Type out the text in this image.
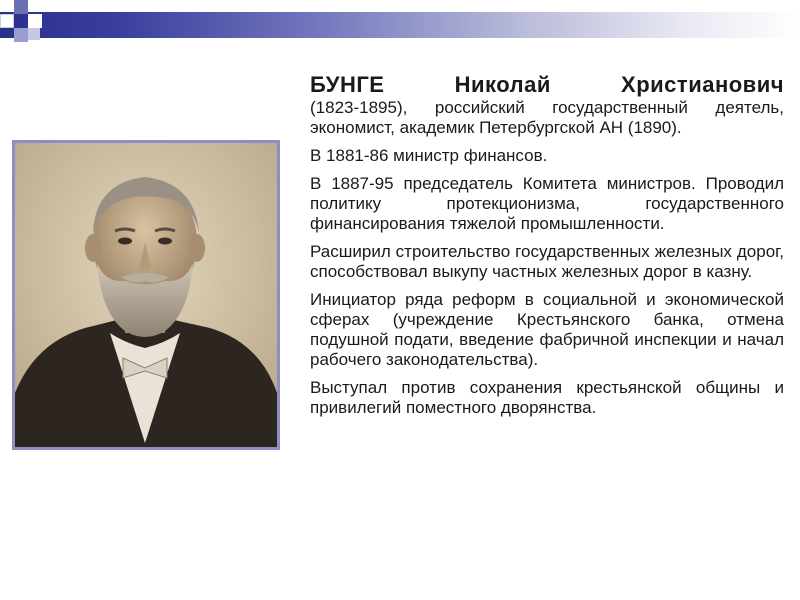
БУНГЕ Николай Христианович
(1823-1895), российский государственный деятель, экономист, академик Петербургской АН (1890).

В 1881-86 министр финансов.

В 1887-95 председатель Комитета министров. Проводил политику протекционизма, государственного финансирования тяжелой промышленности.

Расширил строительство государственных железных дорог, способствовал выкупу частных железных дорог в казну.

Инициатор ряда реформ в социальной и экономической сферах (учреждение Крестьянского банка, отмена подушной подати, введение фабричной инспекции и начал рабочего законодательства).

Выступал против сохранения крестьянской общины и привилегий поместного дворянства.
